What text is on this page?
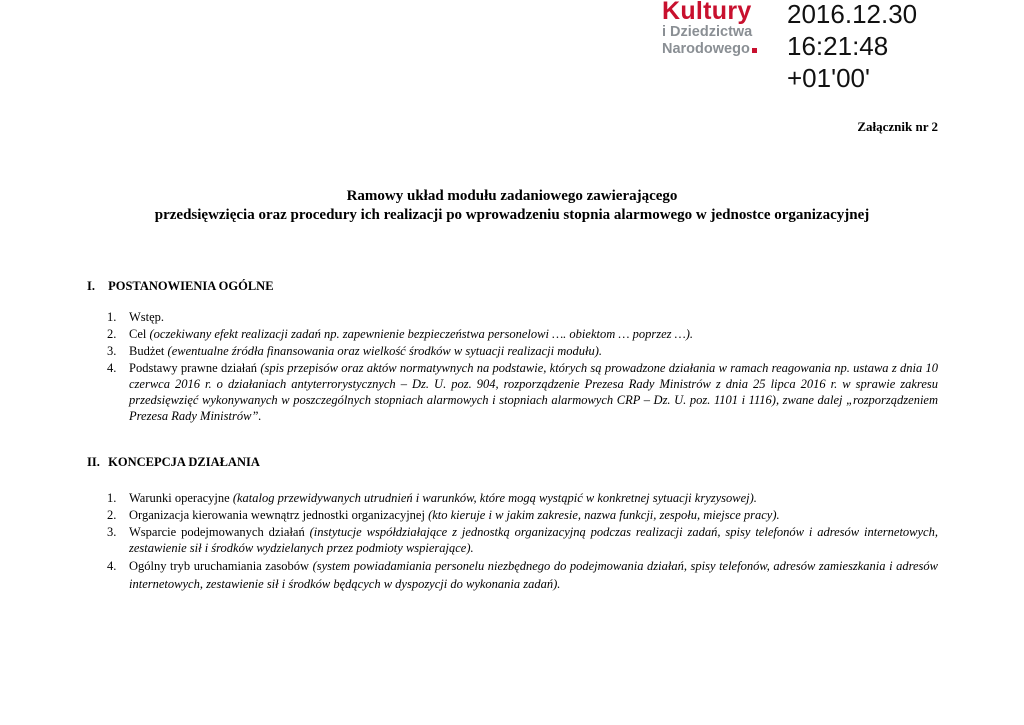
Kultury
i Dziedzictwa
Narodowego
2016.12.30
16:21:48
+01'00'
Załącznik nr 2
Ramowy układ modułu zadaniowego zawierającego
przedsięwzięcia oraz procedury ich realizacji po wprowadzeniu stopnia alarmowego w jednostce organizacyjnej
I. POSTANOWIENIA OGÓLNE
1. Wstęp.
2. Cel (oczekiwany efekt realizacji zadań np. zapewnienie bezpieczeństwa personelowi …. obiektom … poprzez …).
3. Budżet (ewentualne źródła finansowania oraz wielkość środków w sytuacji realizacji modułu).
4. Podstawy prawne działań (spis przepisów oraz aktów normatywnych na podstawie, których są prowadzone działania w ramach reagowania np. ustawa z dnia 10 czerwca 2016 r. o działaniach antyterrorystycznych – Dz. U. poz. 904, rozporządzenie Prezesa Rady Ministrów z dnia 25 lipca 2016 r. w sprawie zakresu przedsięwzięć wykonywanych w poszczególnych stopniach alarmowych i stopniach alarmowych CRP – Dz. U. poz. 1101 i 1116), zwane dalej „rozporządzeniem Prezesa Rady Ministrów”.
II. KONCEPCJA DZIAŁANIA
1. Warunki operacyjne (katalog przewidywanych utrudnień i warunków, które mogą wystąpić w konkretnej sytuacji kryzysowej).
2. Organizacja kierowania wewnątrz jednostki organizacyjnej (kto kieruje i w jakim zakresie, nazwa funkcji, zespołu, miejsce pracy).
3. Wsparcie podejmowanych działań (instytucje współdziałające z jednostką organizacyjną podczas realizacji zadań, spisy telefonów i adresów internetowych, zestawienie sił i środków wydzielanych przez podmioty wspierające).
4. Ogólny tryb uruchamiania zasobów (system powiadamiania personelu niezbędnego do podejmowania działań, spisy telefonów, adresów zamieszkania i adresów internetowych, zestawienie sił i środków będących w dyspozycji do wykonania zadań).
